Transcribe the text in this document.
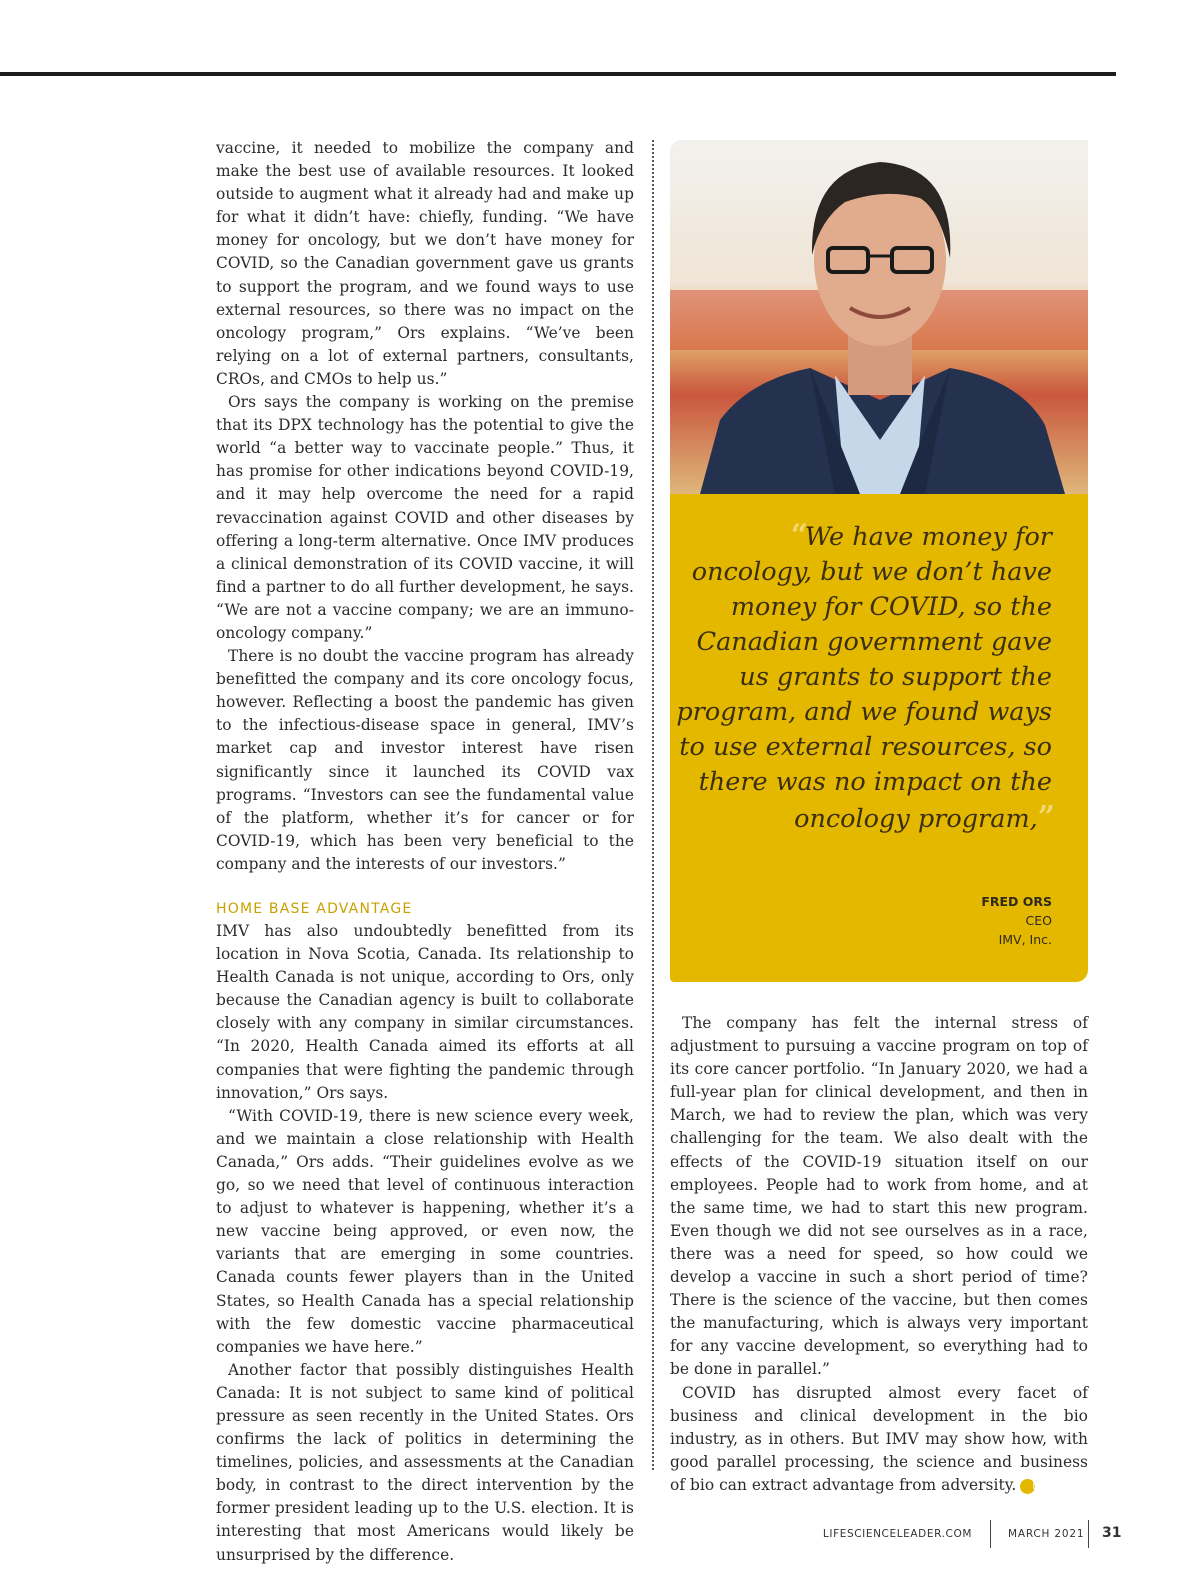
vaccine, it needed to mobilize the company and make the best use of available resources. It looked outside to augment what it already had and make up for what it didn’t have: chiefly, funding. “We have money for oncology, but we don’t have money for COVID, so the Canadian government gave us grants to support the program, and we found ways to use external resources, so there was no impact on the oncology program,” Ors explains. “We’ve been relying on a lot of external partners, consultants, CROs, and CMOs to help us.”

Ors says the company is working on the premise that its DPX technology has the potential to give the world “a better way to vaccinate people.” Thus, it has promise for other indications beyond COVID-19, and it may help overcome the need for a rapid revaccination against COVID and other diseases by offering a long-term alternative. Once IMV produces a clinical demonstration of its COVID vaccine, it will find a partner to do all further development, he says. “We are not a vaccine company; we are an immuno-oncology company.”

There is no doubt the vaccine program has already benefitted the company and its core oncology focus, however. Reflecting a boost the pandemic has given to the infectious-disease space in general, IMV’s market cap and investor interest have risen significantly since it launched its COVID vax programs. “Investors can see the fundamental value of the platform, whether it’s for cancer or for COVID-19, which has been very beneficial to the company and the interests of our investors.”

HOME BASE ADVANTAGE

IMV has also undoubtedly benefitted from its location in Nova Scotia, Canada. Its relationship to Health Canada is not unique, according to Ors, only because the Canadian agency is built to collaborate closely with any company in similar circumstances. “In 2020, Health Canada aimed its efforts at all companies that were fighting the pandemic through innovation,” Ors says.

“With COVID-19, there is new science every week, and we maintain a close relationship with Health Canada,” Ors adds. “Their guidelines evolve as we go, so we need that level of continuous interaction to adjust to whatever is happening, whether it’s a new vaccine being approved, or even now, the variants that are emerging in some countries. Canada counts fewer players than in the United States, so Health Canada has a special relationship with the few domestic vaccine pharmaceutical companies we have here.”

Another factor that possibly distinguishes Health Canada: It is not subject to same kind of political pressure as seen recently in the United States. Ors confirms the lack of politics in determining the timelines, policies, and assessments at the Canadian body, in contrast to the direct intervention by the former president leading up to the U.S. election. It is interesting that most Americans would likely be unsurprised by the difference.

“We have money for oncology, but we don’t have money for COVID, so the Canadian government gave us grants to support the program, and we found ways to use external resources, so there was no impact on the oncology program,”
FRED ORS
CEO
IMV, Inc.

The company has felt the internal stress of adjustment to pursuing a vaccine program on top of its core cancer portfolio. “In January 2020, we had a full-year plan for clinical development, and then in March, we had to review the plan, which was very challenging for the team. We also dealt with the effects of the COVID-19 situation itself on our employees. People had to work from home, and at the same time, we had to start this new program. Even though we did not see ourselves as in a race, there was a need for speed, so how could we develop a vaccine in such a short period of time? There is the science of the vaccine, but then comes the manufacturing, which is always very important for any vaccine development, so everything had to be done in parallel.”

COVID has disrupted almost every facet of business and clinical development in the bio industry, as in others. But IMV may show how, with good parallel processing, the science and business of bio can extract advantage from adversity. L

LIFESCIENCELEADER.COM	MARCH 2021 31
